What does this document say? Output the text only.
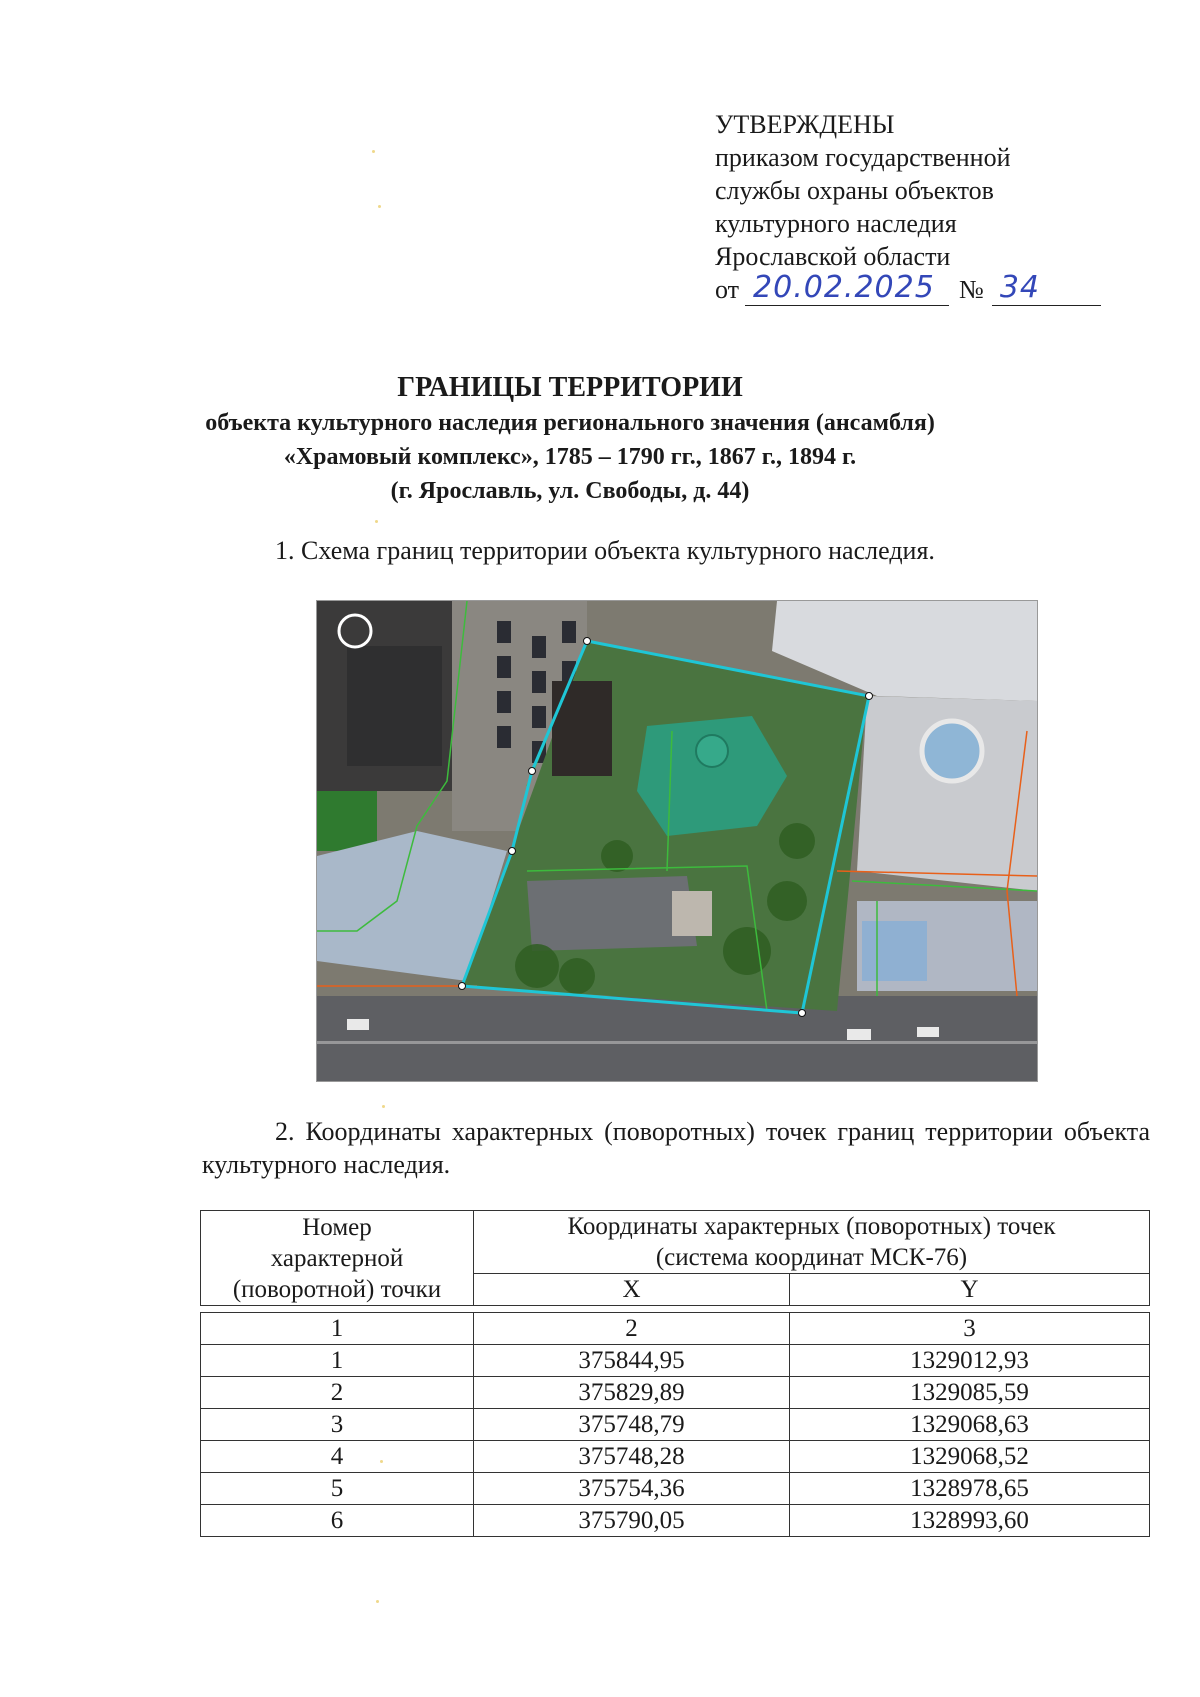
УТВЕРЖДЕНЫ
приказом государственной
службы охраны объектов
культурного наследия
Ярославской области
от 20.02.2025 № 34
ГРАНИЦЫ ТЕРРИТОРИИ
объекта культурного наследия регионального значения (ансамбля)
«Храмовый комплекс», 1785 – 1790 гг., 1867 г., 1894 г.
(г. Ярославль, ул. Свободы, д. 44)
1. Схема границ территории объекта культурного наследия.
2. Координаты характерных (поворотных) точек границ территории объекта культурного наследия.
Номер
характерной
(поворотной) точки	Координаты характерных (поворотных) точек
(система координат МСК-76)	
	X	Y

1	2	3
1	375844,95	1329012,93
2	375829,89	1329085,59
3	375748,79	1329068,63
4	375748,28	1329068,52
5	375754,36	1328978,65
6	375790,05	1328993,60
